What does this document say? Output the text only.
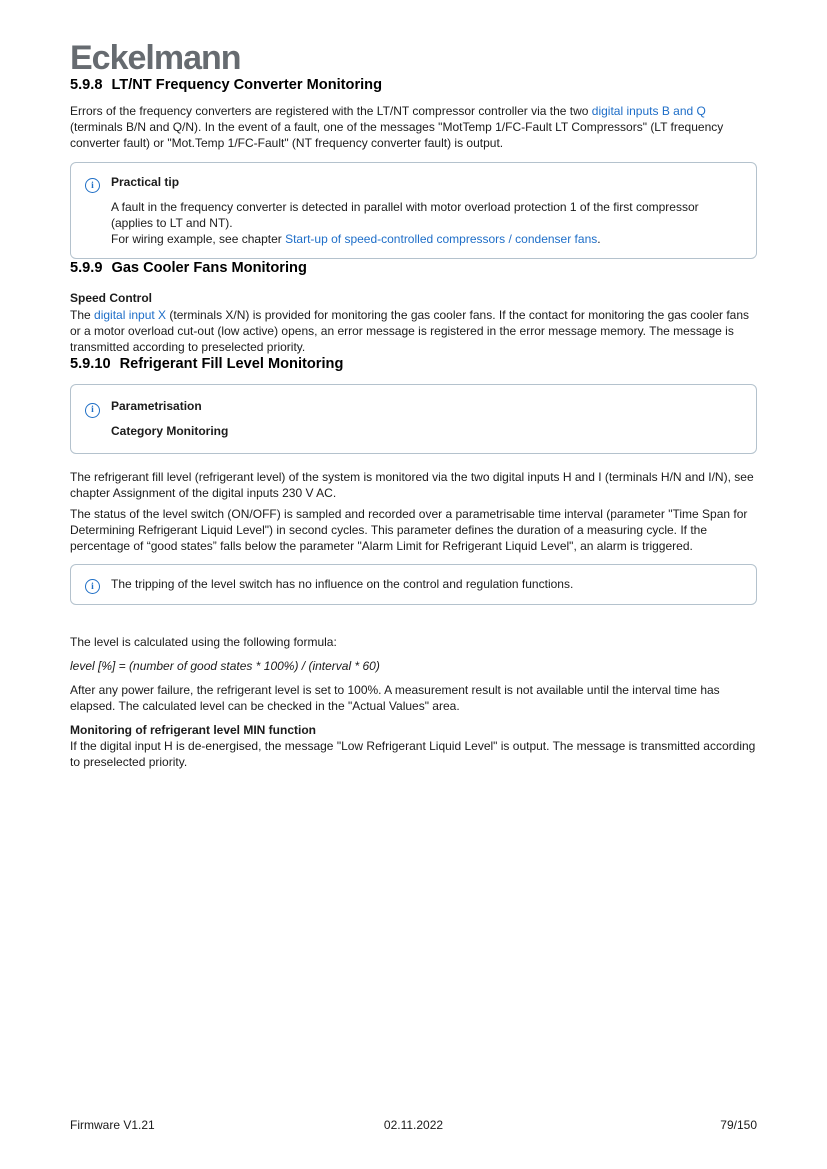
Eckelmann
5.9.8 LT/NT Frequency Converter Monitoring

Errors of the frequency converters are registered with the LT/NT compressor controller via the two digital inputs B and Q (terminals B/N and Q/N). In the event of a fault, one of the messages "MotTemp 1/FC-Fault LT Compressors" (LT frequency converter fault) or "Mot.Temp 1/FC-Fault" (NT frequency converter fault) is output.

i	Practical tip

A fault in the frequency converter is detected in parallel with motor overload protection 1 of the first compressor (applies to LT and NT).
For wiring example, see chapter Start-up of speed-controlled compressors / condenser fans.

5.9.9 Gas Cooler Fans Monitoring
Speed Control

The digital input X (terminals X/N) is provided for monitoring the gas cooler fans. If the contact for monitoring the gas cooler fans or a motor overload cut-out (low active) opens, an error message is registered in the error message memory. The message is transmitted according to preselected priority.

5.9.10 Refrigerant Fill Level Monitoring
i	Parametrisation
Category Monitoring

The refrigerant fill level (refrigerant level) of the system is monitored via the two digital inputs H and I (terminals H/N and I/N), see chapter Assignment of the digital inputs 230 V AC.

The status of the level switch (ON/OFF) is sampled and recorded over a parametrisable time interval (parameter "Time Span for Determining Refrigerant Liquid Level") in second cycles. This parameter defines the duration of a measuring cycle. If the percentage of “good states” falls below the parameter "Alarm Limit for Refrigerant Liquid Level", an alarm is triggered.

i	The tripping of the level switch has no influence on the control and regulation functions.

The level is calculated using the following formula:

level [%] = (number of good states * 100%) / (interval * 60)

After any power failure, the refrigerant level is set to 100%. A measurement result is not available until the interval time has elapsed. The calculated level can be checked in the "Actual Values" area.

Monitoring of refrigerant level MIN function

If the digital input H is de-energised, the message "Low Refrigerant Liquid Level" is output. The message is transmitted according to preselected priority.

Firmware V1.21	02.11.2022	79/150
